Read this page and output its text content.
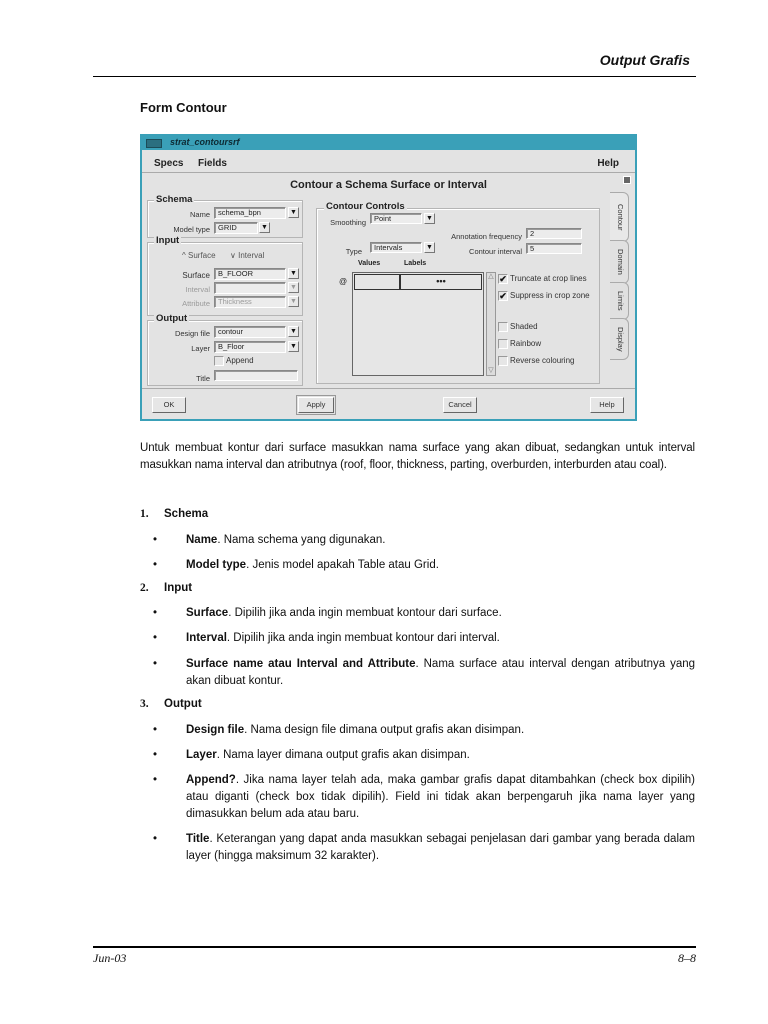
Output Grafis
Form Contour
strat_contoursrf
Specs Fields	Help
Contour a Schema Surface or Interval
Schema
Name	schema_bpn	▼
Model type	GRID	▼
Input
^ Surface ∨ Interval
Surface	B_FLOOR	▼
Interval	▼
Attribute	Thickness	▼
Output
Design file	contour	▼
Layer	B_Floor	▼
Append
Title
Contour Controls
Smoothing	Point	▼
Annotation frequency	2
Type	Intervals	▼	Contour interval	5
Values	Labels
@	•••	△
▽
✔ Truncate at crop lines
✔ Suppress in crop zone
Shaded
Rainbow
Reverse colouring
Contour
Domain
Limits
Display
OK	Apply	Cancel	Help
Untuk membuat kontur dari surface masukkan nama surface yang akan dibuat, sedangkan untuk interval masukkan nama interval dan atributnya (roof, floor, thickness, parting, overburden, interburden atau coal).
1. Schema
•	Name. Nama schema yang digunakan.
•	Model type. Jenis model apakah Table atau Grid.
2. Input
•	Surface. Dipilih jika anda ingin membuat kontour dari surface.
•	Interval. Dipilih jika anda ingin membuat kontour dari interval.
•	Surface name atau Interval and Attribute. Nama surface atau interval dengan atributnya yang akan dibuat kontur.
3. Output
•	Design file. Nama design file dimana output grafis akan disimpan.
•	Layer. Nama layer dimana output grafis akan disimpan.
•	Append?. Jika nama layer telah ada, maka gambar grafis dapat ditambahkan (check box dipilih) atau diganti (check box tidak dipilih). Field ini tidak akan berpengaruh jika nama layer yang dimasukkan belum ada atau baru.
•	Title. Keterangan yang dapat anda masukkan sebagai penjelasan dari gambar yang berada dalam layer (hingga maksimum 32 karakter).
Jun-03	8–8
